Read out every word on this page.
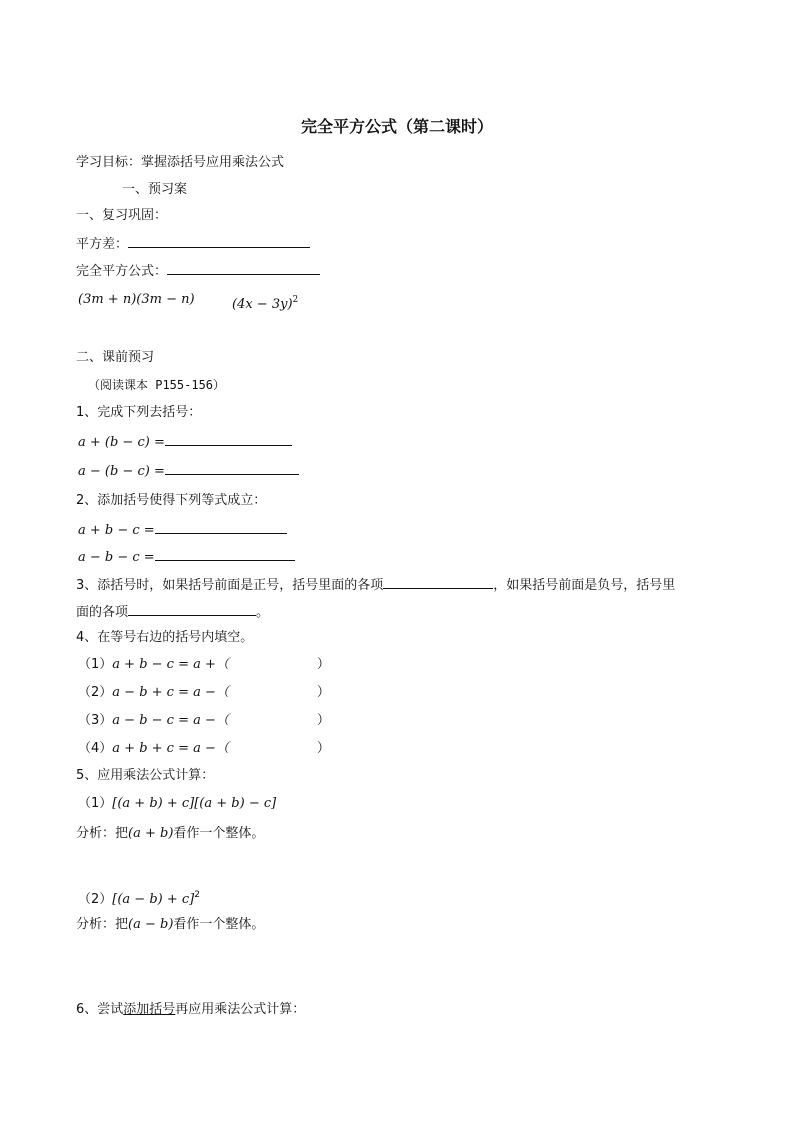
完全平方公式（第二课时）
学习目标：掌握添括号应用乘法公式
一、预习案
一、复习巩固：
平方差：
完全平方公式：
(3m + n)(3m − n)	$(4x - 3y)^2$
二、课前预习
（阅读课本 P155-156）
1、完成下列去括号：
a + (b − c) =
a − (b − c) =
2、添加括号使得下列等式成立：
a + b − c =
a − b − c =
3、添括号时，如果括号前面是正号，括号里面的各项	，如果括号前面是负号，括号里
面的各项	。
4、在等号右边的括号内填空。
（1）a + b − c = a +（	）
（2）a − b + c = a −（	）
（3）a − b − c = a −（	）
（4）a + b + c = a −（	）
5、应用乘法公式计算：
（1）[(a + b) + c][(a + b) − c]
分析：把(a + b)看作一个整体。
$(2)[(a - b) + c]^2$
分析：把(a − b)看作一个整体。
6、尝试添加括号再应用乘法公式计算：
